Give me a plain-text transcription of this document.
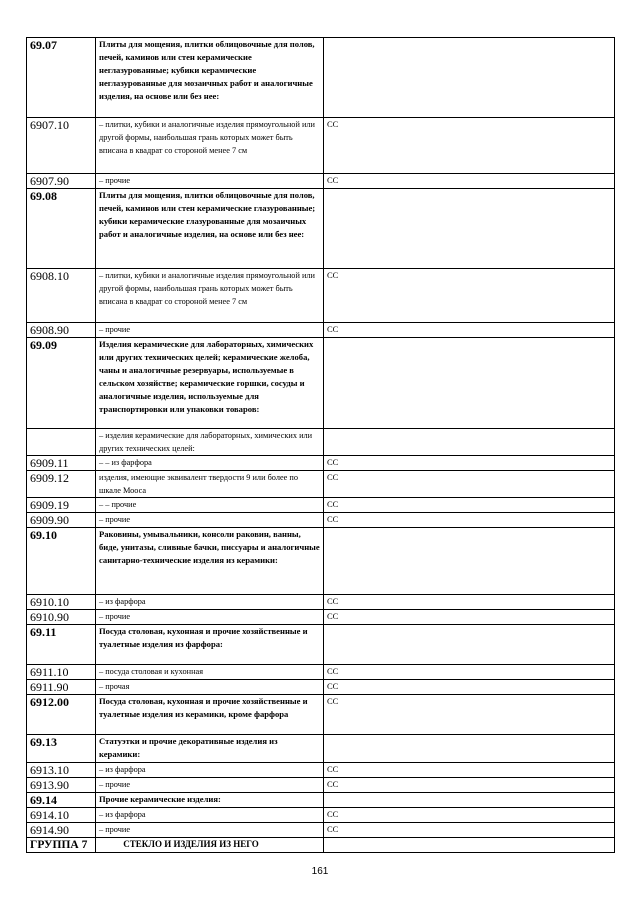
69.07	Плиты для мощения, плитки облицовочные для полов, печей, каминов или стен керамические неглазурованные; кубики керамические неглазурованные для мозаичных работ и аналогичные изделия, на основе или без нее:	
6907.10	– плитки, кубики и аналогичные изделия прямоугольной или другой формы, наибольшая грань которых может быть вписана в квадрат со стороной менее 7 см	СС
6907.90	– прочие	СС
69.08	Плиты для мощения, плитки облицовочные для полов, печей, каминов или стен керамические глазурованные; кубики керамические глазурованные для мозаичных работ и аналогичные изделия, на основе или без нее:	
6908.10	– плитки, кубики и аналогичные изделия прямоугольной или другой формы, наибольшая грань которых может быть вписана в квадрат со стороной менее 7 см	СС
6908.90	– прочие	СС
69.09	Изделия керамические для лабораторных, химических или других технических целей; керамические желоба, чаны и аналогичные резервуары, используемые в сельском хозяйстве; керамические горшки, сосуды и аналогичные изделия, используемые для транспортировки или упаковки товаров:	
	– изделия керамические для лабораторных, химических или других технических целей:	
6909.11	– – из фарфора	СС
6909.12	изделия, имеющие эквивалент твердости 9 или более по шкале Мооса	СС
6909.19	– – прочие	СС
6909.90	– прочие	СС
69.10	Раковины, умывальники, консоли раковин, ванны, биде, унитазы, сливные бачки, писсуары и аналогичные санитарно-технические изделия из керамики:	
6910.10	– из фарфора	СС
6910.90	– прочие	СС
69.11	Посуда столовая, кухонная и прочие хозяйственные и туалетные изделия из фарфора:	
6911.10	– посуда столовая и кухонная	СС
6911.90	– прочая	СС
6912.00	Посуда столовая, кухонная и прочие хозяйственные и туалетные изделия из керамики, кроме фарфора	СС
69.13	Статуэтки и прочие декоративные изделия из керамики:	
6913.10	– из фарфора	СС
6913.90	– прочие	СС
69.14	Прочие керамические изделия:	
6914.10	– из фарфора	СС
6914.90	– прочие	СС
ГРУППА 7	СТЕКЛО И ИЗДЕЛИЯ ИЗ НЕГО	
161
